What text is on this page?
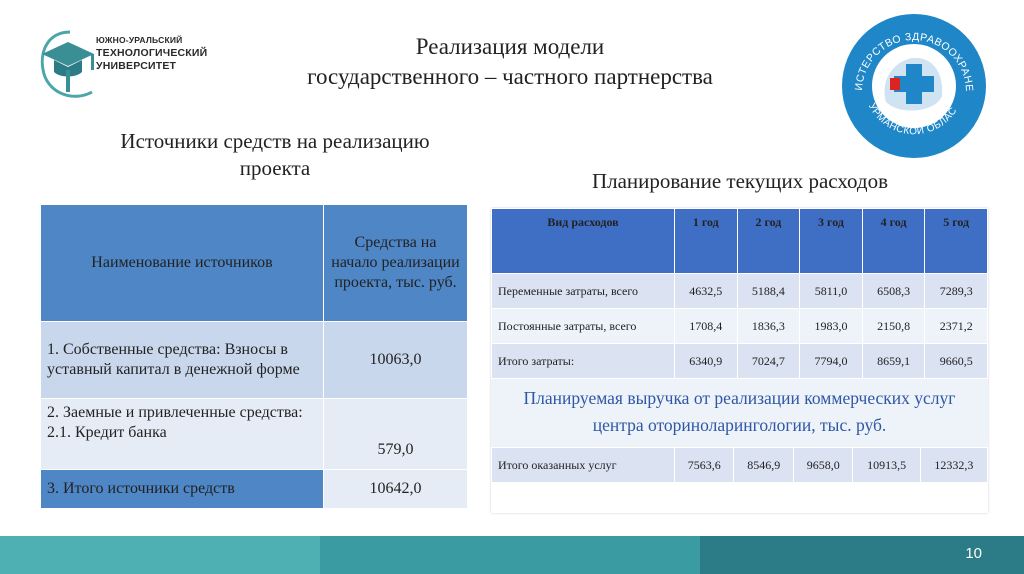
ЮЖНО-УРАЛЬСКИЙ
ТЕХНОЛОГИЧЕСКИЙ
УНИВЕРСИТЕТ
Реализация модели
государственного – частного партнерства	ИСТЕРСТВО ЗДРАВООХРАНЕ
УРМАНСКОЙ ОБЛАС
Источники средств на реализацию
проекта
Планирование текущих расходов
Наименование источников	Средства на начало реализации проекта, тыс. руб.
1. Собственные средства: Взносы в уставный капитал в денежной форме	10063,0
2. Заемные и привлеченные средства: 2.1. Кредит банка	579,0
3. Итого источники средств	10642,0
Вид расходов	1 год	2 год	3 год	4 год	5 год
Переменные затраты, всего	4632,5	5188,4	5811,0	6508,3	7289,3
Постоянные затраты, всего	1708,4	1836,3	1983,0	2150,8	2371,2
Итого затраты:	6340,9	7024,7	7794,0	8659,1	9660,5
Планируемая выручка от реализации коммерческих услуг
центра оториноларингологии, тыс. руб.
Итого оказанных услуг	7563,6	8546,9	9658,0	10913,5	12332,3
10
